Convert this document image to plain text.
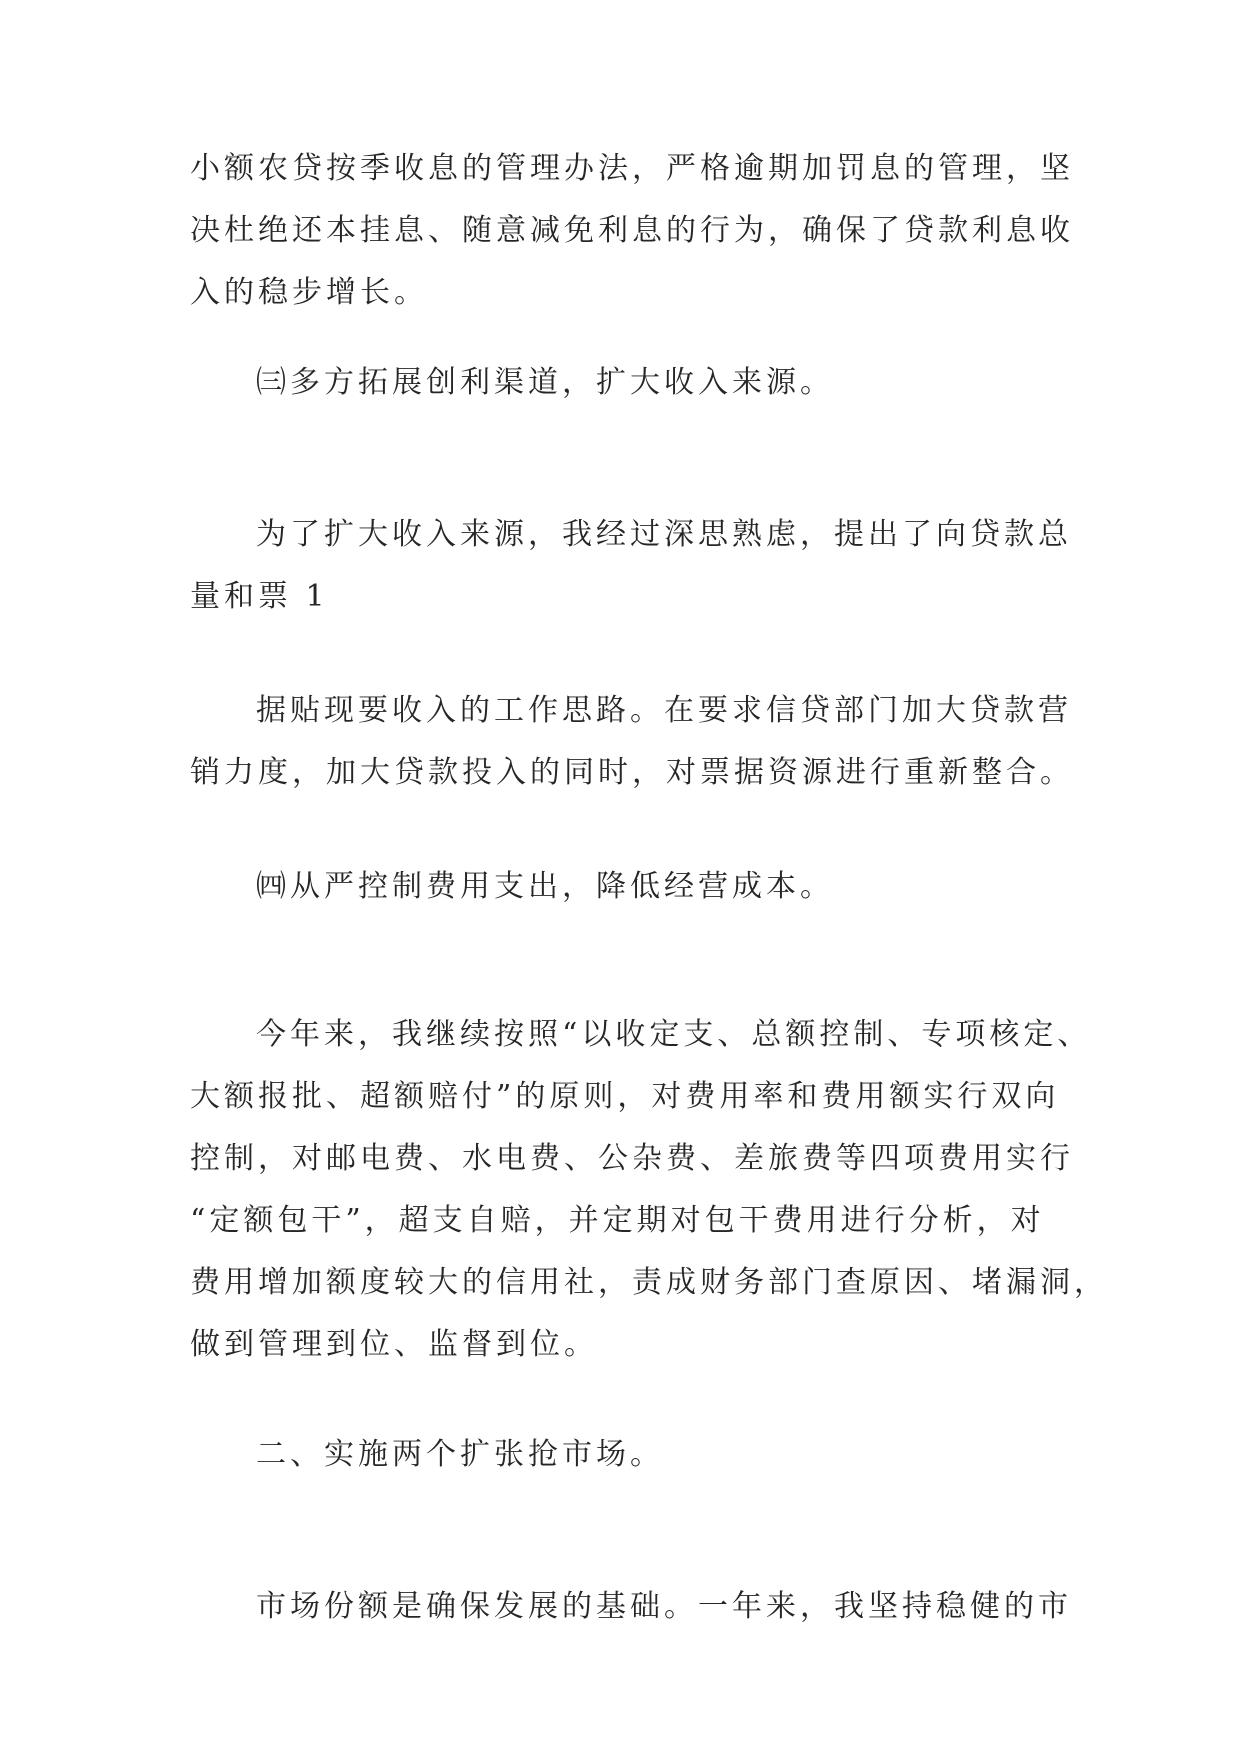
小额农贷按季收息的管理办法，严格逾期加罚息的管理，坚
决杜绝还本挂息、随意减免利息的行为，确保了贷款利息收
入的稳步增长。
㈢多方拓展创利渠道，扩大收入来源。
为了扩大收入来源，我经过深思熟虑，提出了向贷款总
量和票 1
据贴现要收入的工作思路。在要求信贷部门加大贷款营
销力度，加大贷款投入的同时，对票据资源进行重新整合。
㈣从严控制费用支出，降低经营成本。
今年来，我继续按照“以收定支、总额控制、专项核定、
大额报批、超额赔付”的原则，对费用率和费用额实行双向
控制，对邮电费、水电费、公杂费、差旅费等四项费用实行
“定额包干”，超支自赔，并定期对包干费用进行分析，对
费用增加额度较大的信用社，责成财务部门查原因、堵漏洞，
做到管理到位、监督到位。
二、实施两个扩张抢市场。
市场份额是确保发展的基础。一年来，我坚持稳健的市
